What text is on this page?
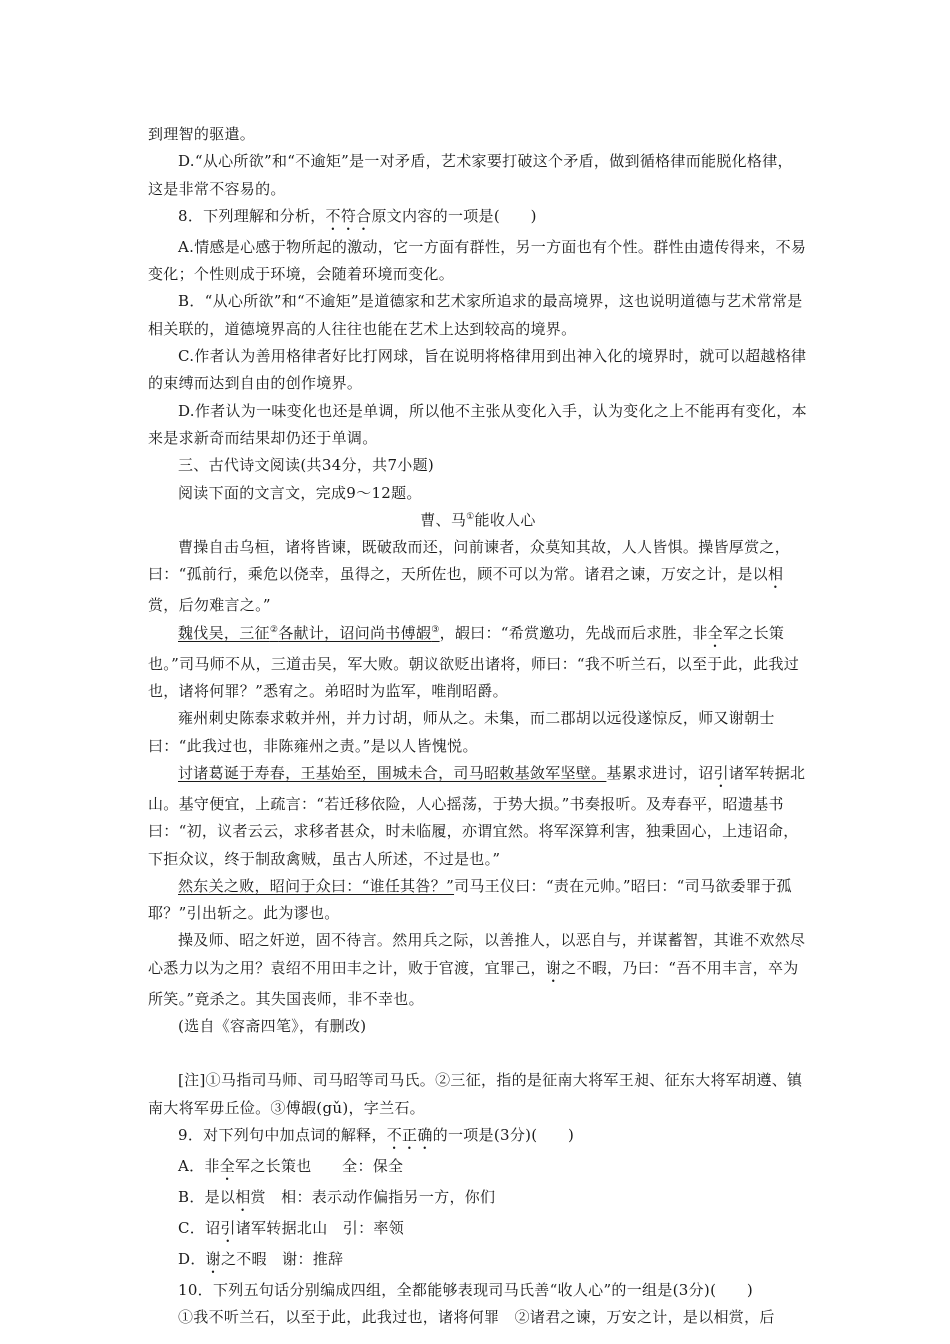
到理智的驱遣。

D.“从心所欲”和“不逾矩”是一对矛盾，艺术家要打破这个矛盾，做到循格律而能脱化格律，这是非常不容易的。

8．下列理解和分析，不符合原文内容的一项是(　　)

A.情感是心感于物所起的激动，它一方面有群性，另一方面也有个性。群性由遗传得来，不易变化；个性则成于环境，会随着环境而变化。

B．“从心所欲”和“不逾矩”是道德家和艺术家所追求的最高境界，这也说明道德与艺术常常是相关联的，道德境界高的人往往也能在艺术上达到较高的境界。

C.作者认为善用格律者好比打网球，旨在说明将格律用到出神入化的境界时，就可以超越格律的束缚而达到自由的创作境界。

D.作者认为一味变化也还是单调，所以他不主张从变化入手，认为变化之上不能再有变化，本来是求新奇而结果却仍还于单调。

三、古代诗文阅读(共34分，共7小题)

阅读下面的文言文，完成9～12题。

曹、马①能收人心

曹操自击乌桓，诸将皆谏，既破敌而还，问前谏者，众莫知其故，人人皆惧。操皆厚赏之，曰：“孤前行，乘危以侥幸，虽得之，天所佐也，顾不可以为常。诸君之谏，万安之计，是以相赏，后勿难言之。”

魏伐吴，三征②各献计，诏问尚书傅嘏③，嘏曰：“希赏邀功，先战而后求胜，非全军之长策也。”司马师不从，三道击吴，军大败。朝议欲贬出诸将，师曰：“我不听兰石，以至于此，此我过也，诸将何罪？”悉宥之。弟昭时为监军，唯削昭爵。

雍州刺史陈泰求敕并州，并力讨胡，师从之。未集，而二郡胡以远役遂惊反，师又谢朝士曰：“此我过也，非陈雍州之责。”是以人皆愧悦。

讨诸葛诞于寿春，王基始至，围城未合，司马昭敕基敛军坚壁。基累求进讨，诏引诸军转据北山。基守便宜，上疏言：“若迁移依险，人心摇荡，于势大损。”书奏报听。及寿春平，昭遗基书曰：“初，议者云云，求移者甚众，时未临履，亦谓宜然。将军深算利害，独秉固心，上违诏命，下拒众议，终于制敌禽贼，虽古人所述，不过是也。”

然东关之败，昭问于众曰：“谁任其咎？”司马王仪曰：“责在元帅。”昭曰：“司马欲委罪于孤耶？”引出斩之。此为谬也。

操及师、昭之奸逆，固不待言。然用兵之际，以善推人，以恶自与，并谋蓄智，其谁不欢然尽心悉力以为之用？袁绍不用田丰之计，败于官渡，宜罪己，谢之不暇，乃曰：“吾不用丰言，卒为所笑。”竟杀之。其失国丧师，非不幸也。

(选自《容斋四笔》，有删改)

[注]①马指司马师、司马昭等司马氏。②三征，指的是征南大将军王昶、征东大将军胡遵、镇南大将军毋丘俭。③傅嘏(gǔ)，字兰石。

9．对下列句中加点词的解释，不正确的一项是(3分)(　　)

A．非全军之长策也　　全：保全

B．是以相赏　相：表示动作偏指另一方，你们

C．诏引诸军转据北山　引：率领

D．谢之不暇　谢：推辞

10．下列五句话分别编成四组，全都能够表现司马氏善“收人心”的一组是(3分)(　　)

①我不听兰石，以至于此，此我过也，诸将何罪　②诸君之谏，万安之计，是以相赏，后
